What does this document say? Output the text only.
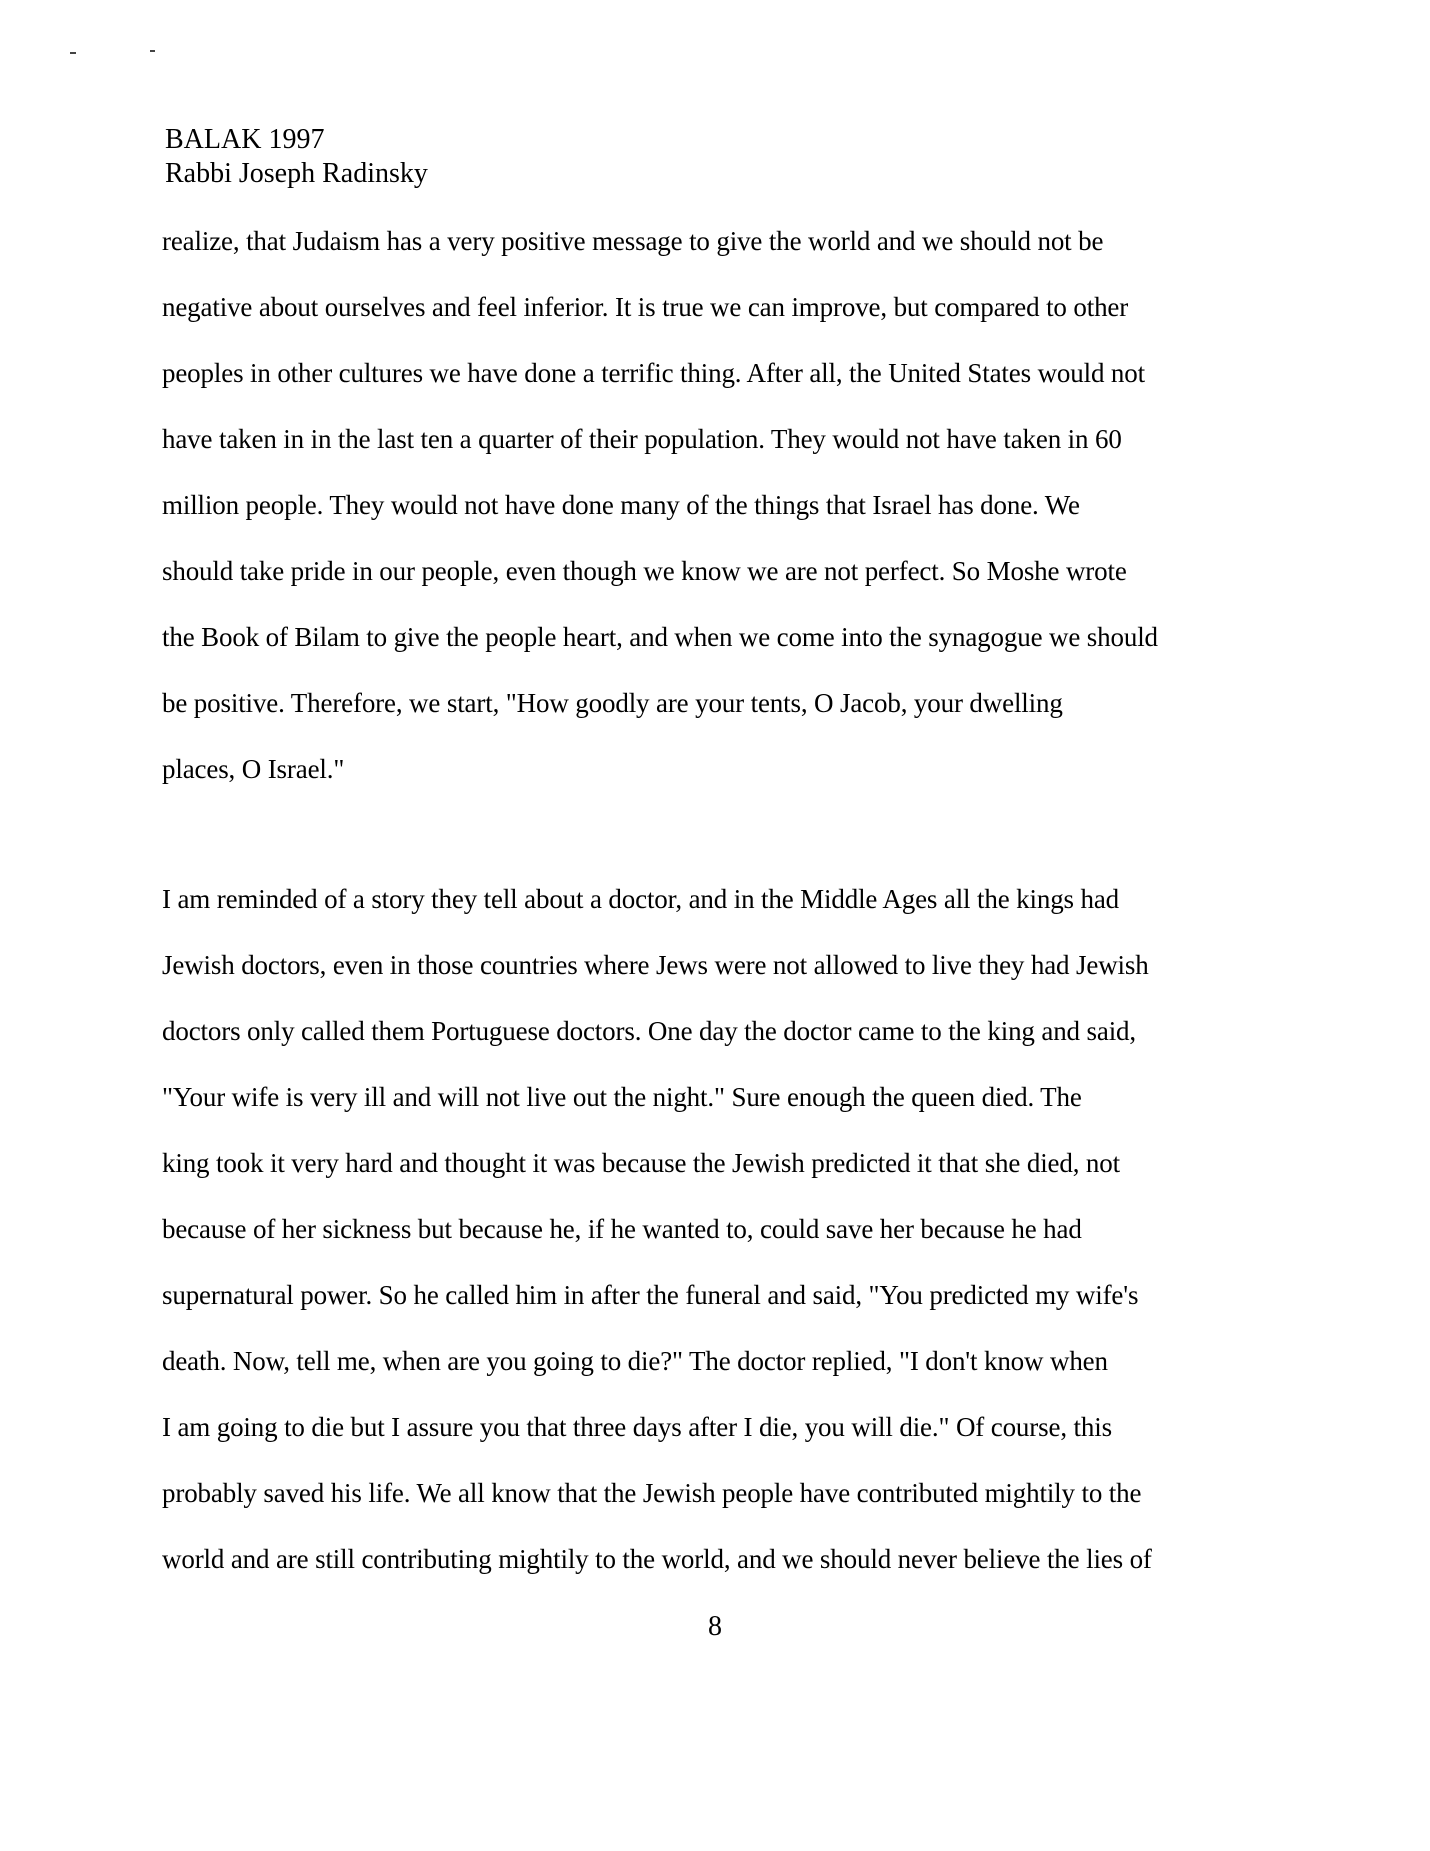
BALAK 1997
Rabbi Joseph Radinsky
realize, that Judaism has a very positive message to give the world and we should not be
negative about ourselves and feel inferior. It is true we can improve, but compared to other
peoples in other cultures we have done a terrific thing. After all, the United States would not
have taken in in the last ten a quarter of their population. They would not have taken in 60
million people. They would not have done many of the things that Israel has done. We
should take pride in our people, even though we know we are not perfect. So Moshe wrote
the Book of Bilam to give the people heart, and when we come into the synagogue we should
be positive. Therefore, we start, "How goodly are your tents, O Jacob, your dwelling
places, O Israel."
I am reminded of a story they tell about a doctor, and in the Middle Ages all the kings had
Jewish doctors, even in those countries where Jews were not allowed to live they had Jewish
doctors only called them Portuguese doctors. One day the doctor came to the king and said,
"Your wife is very ill and will not live out the night." Sure enough the queen died. The
king took it very hard and thought it was because the Jewish predicted it that she died, not
because of her sickness but because he, if he wanted to, could save her because he had
supernatural power. So he called him in after the funeral and said, "You predicted my wife's
death. Now, tell me, when are you going to die?" The doctor replied, "I don't know when
I am going to die but I assure you that three days after I die, you will die." Of course, this
probably saved his life. We all know that the Jewish people have contributed mightily to the
world and are still contributing mightily to the world, and we should never believe the lies of
8
